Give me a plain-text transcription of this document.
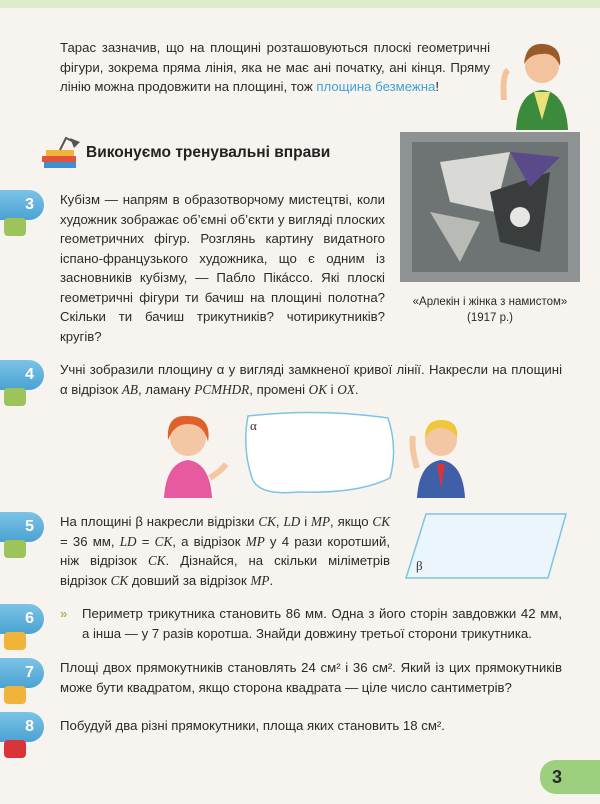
Тарас зазначив, що на площині розташовуються плоскі геометричні фігури, зокрема пряма лінія, яка не має ані початку, ані кінця. Пряму лінію можна продовжити на площині, тож площина безмежна!
Виконуємо тренувальні вправи
3	Кубізм — напрям в образотворчому мистецтві, коли художник зображає об’ємні об’єкти у вигляді плоских геометричних фігур. Розглянь картину видатного іспано-французького художника, що є одним із засновників кубізму, — Пабло Пікáссо. Які плоскі геометричні фігури ти бачиш на площині полотна? Скільки ти бачиш трикутників? чотирикутників? кругів?
«Арлекін і жінка з намистом»
(1917 р.)
4	Учні зобразили площину α у вигляді замкненої кривої лінії. Накресли на площині α відрізок AB, ламану PCMHDR, промені OK і OX.
α
5	На площині β накресли відрізки CK, LD і MP, якщо CK = 36 мм, LD = CK, а відрізок MP у 4 рази коротший, ніж відрізок CK. Дізнайся, на скільки міліметрів відрізок CK довший за відрізок MP.
β
6	»	Периметр трикутника становить 86 мм. Одна з його сторін завдовжки 42 мм, а інша — у 7 разів коротша. Знайди довжину третьої сторони трикутника.
7	Площі двох прямокутників становлять 24 см² і 36 см². Який із цих прямокутників може бути квадратом, якщо сторона квадрата — ціле число сантиметрів?
8	Побудуй два різні прямокутники, площа яких становить 18 см².
3
